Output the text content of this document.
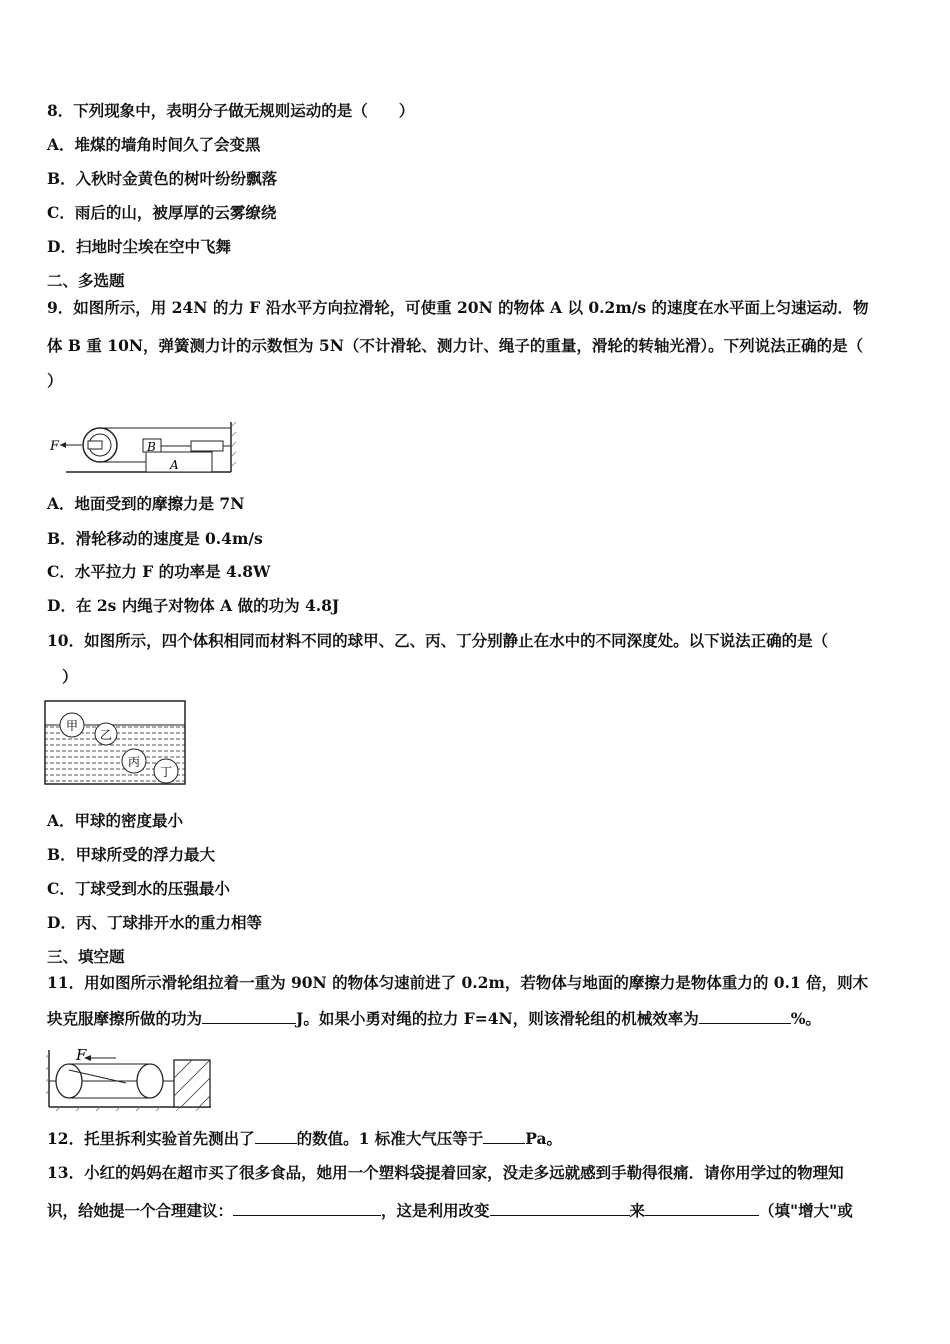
8．下列现象中，表明分子做无规则运动的是（　　）
A．堆煤的墙角时间久了会变黑
B．入秋时金黄色的树叶纷纷飘落
C．雨后的山，被厚厚的云雾缭绕
D．扫地时尘埃在空中飞舞
二、多选题
9．如图所示，用 24N 的力 F 沿水平方向拉滑轮，可使重 20N 的物体 A 以 0.2m/s 的速度在水平面上匀速运动．物
体 B 重 10N，弹簧测力计的示数恒为 5N（不计滑轮、测力计、绳子的重量，滑轮的转轴光滑）。下列说法正确的是（
）
F	B
A
A．地面受到的摩擦力是 7N
B．滑轮移动的速度是 0.4m/s
C．水平拉力 F 的功率是 4.8W
D．在 2s 内绳子对物体 A 做的功为 4.8J
10．如图所示，四个体积相同而材料不同的球甲、乙、丙、丁分别静止在水中的不同深度处。以下说法正确的是（
）
甲
乙
丙
丁
A．甲球的密度最小
B．甲球所受的浮力最大
C．丁球受到水的压强最小
D．丙、丁球排开水的重力相等
三、填空题
11．用如图所示滑轮组拉着一重为 90N 的物体匀速前进了 0.2m，若物体与地面的摩擦力是物体重力的 0.1 倍，则木
块克服摩擦所做的功为	J。如果小勇对绳的拉力 F=4N，则该滑轮组的机械效率为	%。
F
12．托里拆利实验首先测出了	的数值。1 标准大气压等于	Pa。
13．小红的妈妈在超市买了很多食品，她用一个塑料袋提着回家，没走多远就感到手勒得很痛．请你用学过的物理知
识，给她提一个合理建议：	，这是利用改变	来	（填"增大"或
